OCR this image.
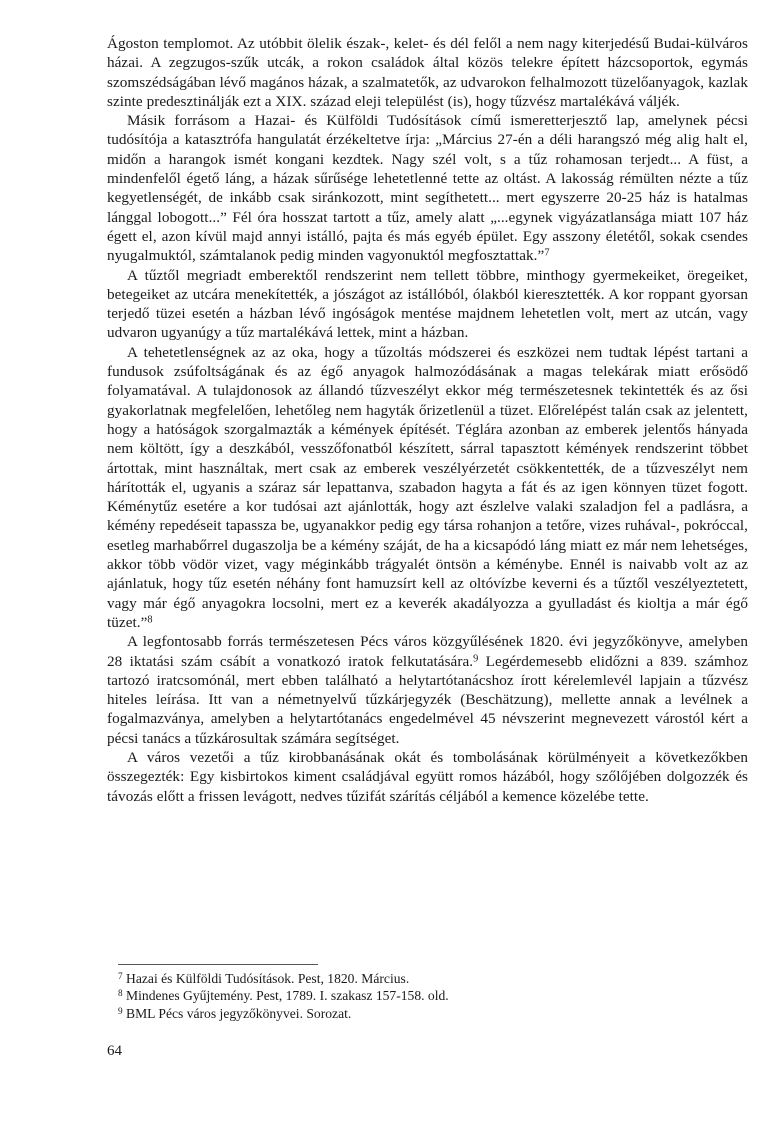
Ágoston templomot. Az utóbbit ölelik észak-, kelet- és dél felől a nem nagy kiterjedésű Budai-külváros házai. A zegzugos-szűk utcák, a rokon családok által közös telekre épített házcsoportok, egymás szomszédságában lévő magános házak, a szalmatetők, az udvarokon felhalmozott tüzelőanyagok, kazlak szinte predesztinálják ezt a XIX. század eleji települést (is), hogy tűzvész martalékává váljék.

Másik forrásom a Hazai- és Külföldi Tudósítások című ismeretterjesztő lap, amelynek pécsi tudósítója a katasztrófa hangulatát érzékeltetve írja: „Március 27-én a déli harangszó még alig halt el, midőn a harangok ismét kongani kezdtek. Nagy szél volt, s a tűz rohamosan terjedt... A füst, a mindenfelől égető láng, a házak sűrűsége lehetetlenné tette az oltást. A lakosság rémülten nézte a tűz kegyetlenségét, de inkább csak siránkozott, mint segíthetett... mert egyszerre 20-25 ház is hatalmas lánggal lobogott...” Fél óra hosszat tartott a tűz, amely alatt „...egynek vigyázatlansága miatt 107 ház égett el, azon kívül majd annyi istálló, pajta és más egyéb épület. Egy asszony életétől, sokak csendes nyugalmuktól, számtalanok pedig minden vagyonuktól megfosztattak.”$^7$

A tűztől megriadt emberektől rendszerint nem tellett többre, minthogy gyermekeiket, öregeiket, betegeiket az utcára menekítették, a jószágot az istállóból, ólakból kieresztették. A kor roppant gyorsan terjedő tüzei esetén a házban lévő ingóságok mentése majdnem lehetetlen volt, mert az utcán, vagy udvaron ugyanúgy a tűz martalékává lettek, mint a házban.

A tehetetlenségnek az az oka, hogy a tűzoltás módszerei és eszközei nem tudtak lépést tartani a fundusok zsúfoltságának és az égő anyagok halmozódásának a magas telekárak miatt erősödő folyamatával. A tulajdonosok az állandó tűzveszélyt ekkor még természetesnek tekintették és az ősi gyakorlatnak megfelelően, lehetőleg nem hagyták őrizetlenül a tüzet. Előrelépést talán csak az jelentett, hogy a hatóságok szorgalmazták a kémények építését. Téglára azonban az emberek jelentős hányada nem költött, így a deszkából, vesszőfonatból készített, sárral tapasztott kémények rendszerint többet ártottak, mint használtak, mert csak az emberek veszélyérzetét csökkentették, de a tűzveszélyt nem hárították el, ugyanis a száraz sár lepattanva, szabadon hagyta a fát és az igen könnyen tüzet fogott. Kéménytűz esetére a kor tudósai azt ajánlották, hogy azt észlelve valaki szaladjon fel a padlásra, a kémény repedéseit tapassza be, ugyanakkor pedig egy társa rohanjon a tetőre, vizes ruhával-, pokróccal, esetleg marhabőrrel dugaszolja be a kémény száját, de ha a kicsapódó láng miatt ez már nem lehetséges, akkor több vödör vizet, vagy méginkább trágyalét öntsön a kéménybe. Ennél is naivabb volt az az ajánlatuk, hogy tűz esetén néhány font hamuzsírt kell az oltóvízbe keverni és a tűztől veszélyeztetett, vagy már égő anyagokra locsolni, mert ez a keverék akadályozza a gyulladást és kioltja a már égő tüzet.”$^8$

A legfontosabb forrás természetesen Pécs város közgyűlésének 1820. évi jegyzőkönyve, amelyben 28 iktatási szám csábít a vonatkozó iratok felkutatására.$^9$ Legérdemesebb elidőzni a 839. számhoz tartozó iratcsomónál, mert ebben található a helytartótanácshoz írott kérelemlevél lapjain a tűzvész hiteles leírása. Itt van a németnyelvű tűzkárjegyzék (Beschätzung), mellette annak a levélnek a fogalmazványa, amelyben a helytartótanács engedelmével 45 névszerint megnevezett várostól kért a pécsi tanács a tűzkárosultak számára segítséget.

A város vezetői a tűz kirobbanásának okát és tombolásának körülményeit a következőkben összegezték: Egy kisbirtokos kiment családjával együtt romos házából, hogy szőlőjében dolgozzék és távozás előtt a frissen levágott, nedves tűzifát szárítás céljából a kemence közelébe tette.

$^7$ Hazai és Külföldi Tudósítások. Pest, 1820. Március.

$^8$ Mindenes Gyűjtemény. Pest, 1789. I. szakasz 157-158. old.

$^9$ BML Pécs város jegyzőkönyvei. Sorozat.

64
